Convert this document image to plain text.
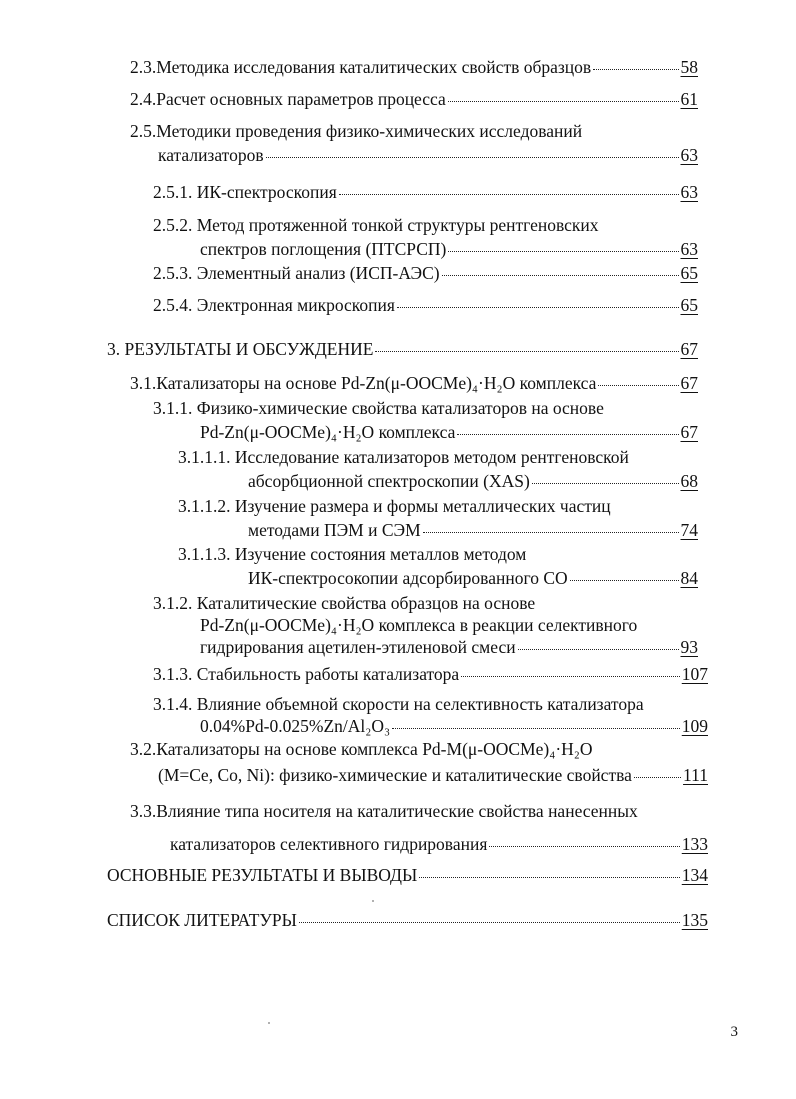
2.3. Методика исследования каталитических свойств образцов	58
2.4. Расчет основных параметров процесса	61
2.5.Методики проведения физико-химических исследований
катализаторов	63
2.5.1. ИК-спектроскопия	63
2.5.2. Метод протяженной тонкой структуры рентгеновских
спектров поглощения (ПТСРСП)	63
2.5.3. Элементный анализ (ИСП-АЭС)	65
2.5.4. Электронная микроскопия	65
3. РЕЗУЛЬТАТЫ И ОБСУЖДЕНИЕ	67
3.1.Катализаторы на основе Pd-Zn(μ-OOCMe)₄·H₂O комплекса	67
3.1.1. Физико-химические свойства катализаторов на основе
Pd-Zn(μ-OOCMe)₄·H₂O комплекса	67
3.1.1.1. Исследование катализаторов методом рентгеновской
абсорбционной спектроскопии (XAS)	68
3.1.1.2. Изучение размера и формы металлических частиц
методами ПЭМ и СЭМ	74
3.1.1.3. Изучение состояния металлов методом
ИК-спектросокопии адсорбированного CO	84
3.1.2. Каталитические свойства образцов на основе
Pd-Zn(μ-OOCMe)₄·H₂O комплекса в реакции селективного
гидрирования ацетилен-этиленовой смеси	93
3.1.3. Стабильность работы катализатора	107
3.1.4. Влияние объемной скорости на селективность катализатора
0.04%Pd-0.025%Zn/Al₂O₃	109
3.2.Катализаторы на основе комплекса Pd-M(μ-OOCMe)₄·H₂O
(M=Ce, Co, Ni): физико-химические и каталитические свойства	111
3.3.Влияние типа носителя на каталитические свойства нанесенных
катализаторов селективного гидрирования	133
ОСНОВНЫЕ РЕЗУЛЬТАТЫ И ВЫВОДЫ	134
СПИСОК ЛИТЕРАТУРЫ	135
3
